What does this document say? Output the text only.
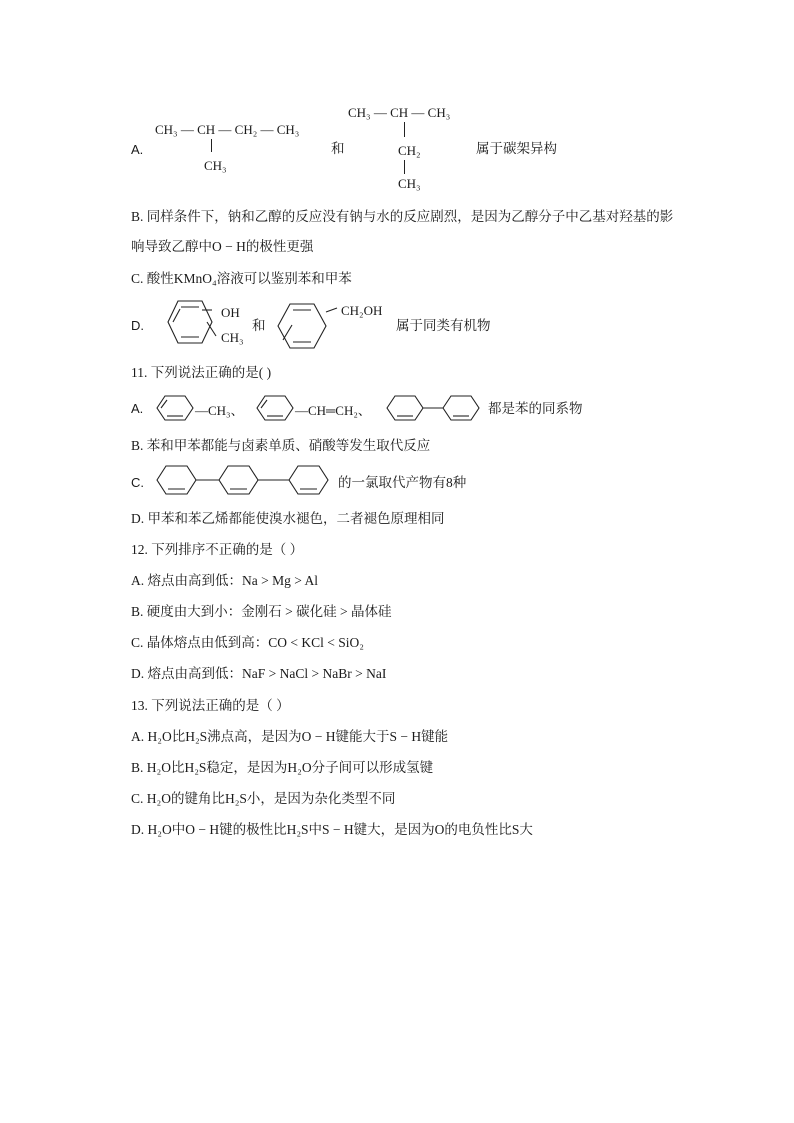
A.
CH₃ — CH — CH₂ — CH₃
CH₃
和
CH₃ — CH — CH₃
CH₂
CH₃
属于碳架异构
B. 同样条件下，钠和乙醇的反应没有钠与水的反应剧烈，是因为乙醇分子中乙基对羟基的影
响导致乙醇中O − H的极性更强
C. 酸性KMnO₄溶液可以鉴别苯和甲苯
D.
OH
CH₃
和
CH₂OH
属于同类有机物
11. 下列说法正确的是( )
A.	—CH₃、	—CH═CH₂、	都是苯的同系物
B. 苯和甲苯都能与卤素单质、硝酸等发生取代反应
C.	的一氯取代产物有8种
D. 甲苯和苯乙烯都能使溴水褪色，二者褪色原理相同
12. 下列排序不正确的是（ ）
A. 熔点由高到低：Na > Mg > Al
B. 硬度由大到小：金刚石 > 碳化硅 > 晶体硅
C. 晶体熔点由低到高：CO < KCl < SiO₂
D. 熔点由高到低：NaF > NaCl > NaBr > NaI
13. 下列说法正确的是（ ）
A. H₂O比H₂S沸点高，是因为O − H键能大于S − H键能
B. H₂O比H₂S稳定，是因为H₂O分子间可以形成氢键
C. H₂O的键角比H₂S小，是因为杂化类型不同
D. H₂O中O − H键的极性比H₂S中S − H键大，是因为O的电负性比S大
